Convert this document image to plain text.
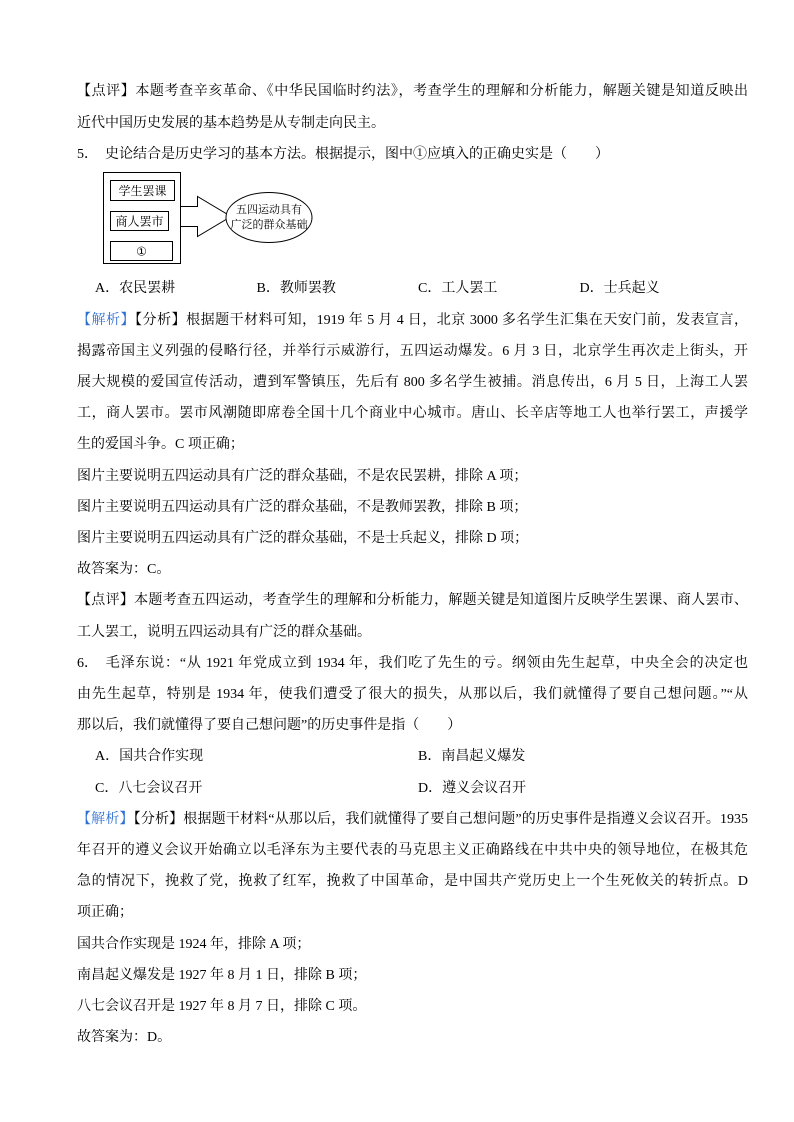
【点评】本题考查辛亥革命、《中华民国临时约法》，考查学生的理解和分析能力，解题关键是知道反映出
近代中国历史发展的基本趋势是从专制走向民主。
5． 史论结合是历史学习的基本方法。根据提示，图中①应填入的正确史实是（　　）
学生罢课
商人罢市
①
五四运动具有
广泛的群众基础
A．农民罢耕	B．教师罢教	C．工人罢工	D．士兵起义
【解析】【分析】根据题干材料可知，1919 年 5 月 4 日，北京 3000 多名学生汇集在天安门前，发表宣言，
揭露帝国主义列强的侵略行径，并举行示威游行，五四运动爆发。6 月 3 日，北京学生再次走上街头，开
展大规模的爱国宣传活动，遭到军警镇压，先后有 800 多名学生被捕。消息传出，6 月 5 日，上海工人罢
工，商人罢市。罢市风潮随即席卷全国十几个商业中心城市。唐山、长辛店等地工人也举行罢工，声援学
生的爱国斗争。C 项正确；
图片主要说明五四运动具有广泛的群众基础，不是农民罢耕，排除 A 项；
图片主要说明五四运动具有广泛的群众基础，不是教师罢教，排除 B 项；
图片主要说明五四运动具有广泛的群众基础，不是士兵起义，排除 D 项；
故答案为：C。
【点评】本题考查五四运动，考查学生的理解和分析能力，解题关键是知道图片反映学生罢课、商人罢市、
工人罢工，说明五四运动具有广泛的群众基础。
6． 毛泽东说：“从 1921 年党成立到 1934 年，我们吃了先生的亏。纲领由先生起草，中央全会的决定也
由先生起草，特别是 1934 年，使我们遭受了很大的损失，从那以后，我们就懂得了要自己想问题。”“从
那以后，我们就懂得了要自己想问题”的历史事件是指（　　）
A．国共合作实现	B．南昌起义爆发
C．八七会议召开	D．遵义会议召开
【解析】【分析】根据题干材料“从那以后，我们就懂得了要自己想问题”的历史事件是指遵义会议召开。1935
年召开的遵义会议开始确立以毛泽东为主要代表的马克思主义正确路线在中共中央的领导地位，在极其危
急的情况下，挽救了党，挽救了红军，挽救了中国革命，是中国共产党历史上一个生死攸关的转折点。D
项正确；
国共合作实现是 1924 年，排除 A 项；
南昌起义爆发是 1927 年 8 月 1 日，排除 B 项；
八七会议召开是 1927 年 8 月 7 日，排除 C 项。
故答案为：D。
